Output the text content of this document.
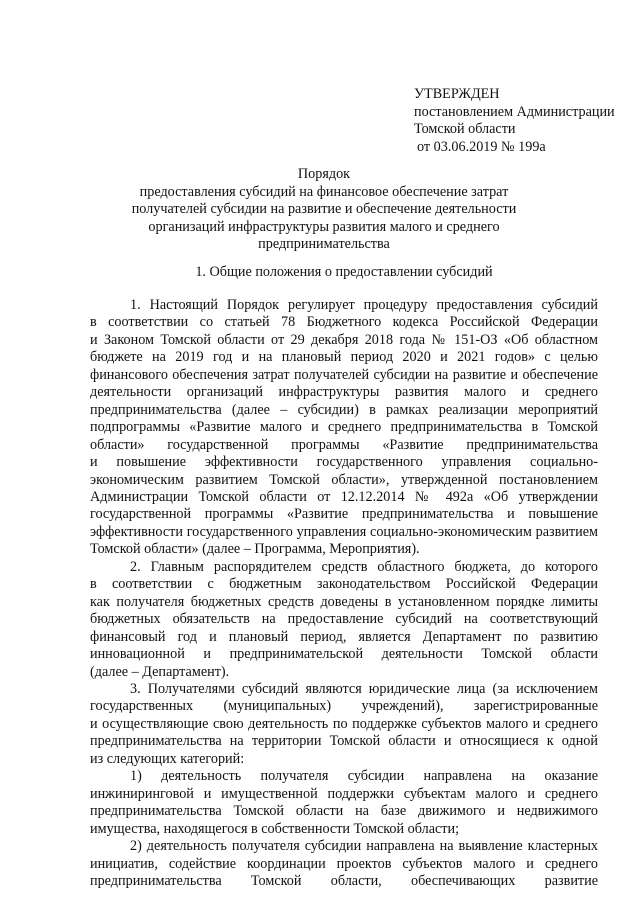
УТВЕРЖДЕН
постановлением Администрации
Томской области
от 03.06.2019 № 199а
Порядок
предоставления субсидий на финансовое обеспечение затрат
получателей субсидии на развитие и обеспечение деятельности
организаций инфраструктуры развития малого и среднего
предпринимательства
1. Общие положения о предоставлении субсидий
1. Настоящий Порядок регулирует процедуру предоставления субсидий
в соответствии со статьей 78 Бюджетного кодекса Российской Федерации
и Законом Томской области от 29 декабря 2018 года № 151-ОЗ «Об областном
бюджете на 2019 год и на плановый период 2020 и 2021 годов» с целью
финансового обеспечения затрат получателей субсидии на развитие и обеспечение
деятельности организаций инфраструктуры развития малого и среднего
предпринимательства (далее – субсидии) в рамках реализации мероприятий
подпрограммы «Развитие малого и среднего предпринимательства в Томской
области» государственной программы «Развитие предпринимательства
и повышение эффективности государственного управления социально-
экономическим развитием Томской области», утвержденной постановлением
Администрации Томской области от 12.12.2014 № 492а «Об утверждении
государственной программы «Развитие предпринимательства и повышение
эффективности государственного управления социально-экономическим развитием
Томской области» (далее – Программа, Мероприятия).
2. Главным распорядителем средств областного бюджета, до которого
в соответствии с бюджетным законодательством Российской Федерации
как получателя бюджетных средств доведены в установленном порядке лимиты
бюджетных обязательств на предоставление субсидий на соответствующий
финансовый год и плановый период, является Департамент по развитию
инновационной и предпринимательской деятельности Томской области
(далее – Департамент).
3. Получателями субсидий являются юридические лица (за исключением
государственных (муниципальных) учреждений), зарегистрированные
и осуществляющие свою деятельность по поддержке субъектов малого и среднего
предпринимательства на территории Томской области и относящиеся к одной
из следующих категорий:
1) деятельность получателя субсидии направлена на оказание
инжиниринговой и имущественной поддержки субъектам малого и среднего
предпринимательства Томской области на базе движимого и недвижимого
имущества, находящегося в собственности Томской области;
2) деятельность получателя субсидии направлена на выявление кластерных
инициатив, содействие координации проектов субъектов малого и среднего
предпринимательства Томской области, обеспечивающих развитие
